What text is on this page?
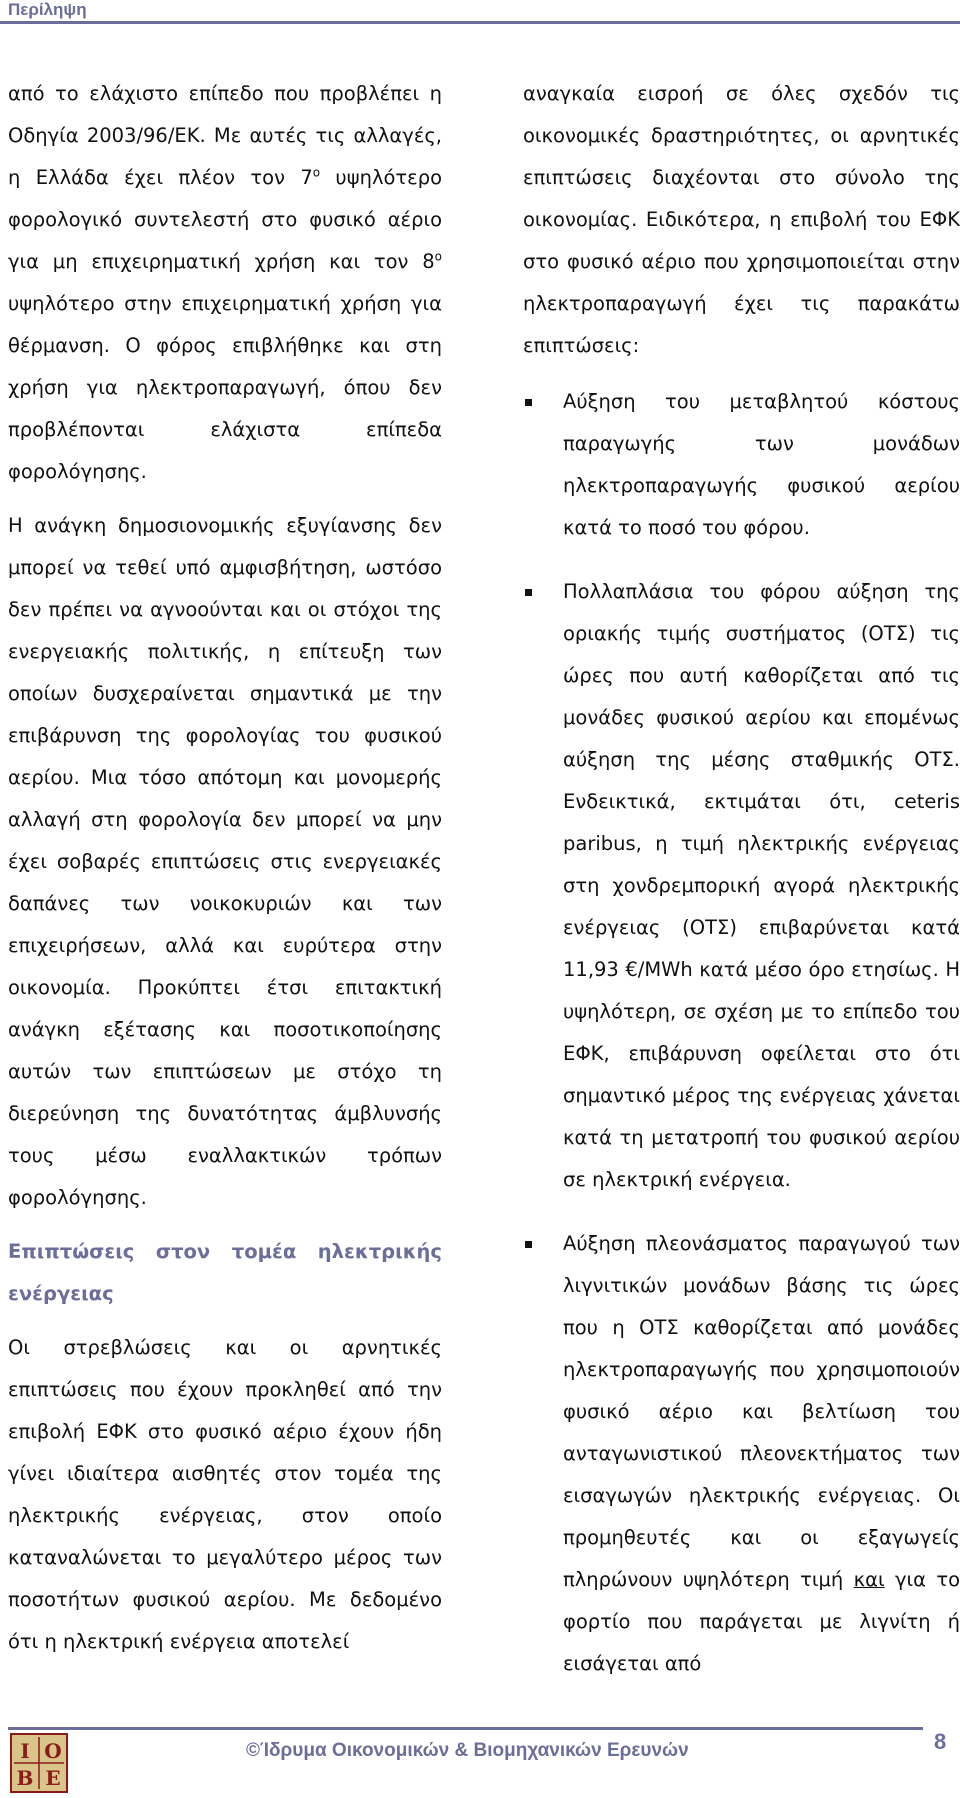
Περίληψη

από το ελάχιστο επίπεδο που προβλέπει η Οδηγία 2003/96/ΕΚ. Με αυτές τις αλλαγές, η Ελλάδα έχει πλέον τον $7^o$ υψηλότερο φορολογικό συντελεστή στο φυσικό αέριο για μη επιχειρηματική χρήση και τον $8^o$ υψηλότερο στην επιχειρηματική χρήση για θέρμανση. Ο φόρος επιβλήθηκε και στη χρήση για ηλεκτροπαραγωγή, όπου δεν προβλέπονται ελάχιστα επίπεδα φορολόγησης.

Η ανάγκη δημοσιονομικής εξυγίανσης δεν μπορεί να τεθεί υπό αμφισβήτηση, ωστόσο δεν πρέπει να αγνοούνται και οι στόχοι της ενεργειακής πολιτικής, η επίτευξη των οποίων δυσχεραίνεται σημαντικά με την επιβάρυνση της φορολογίας του φυσικού αερίου. Μια τόσο απότομη και μονομερής αλλαγή στη φορολογία δεν μπορεί να μην έχει σοβαρές επιπτώσεις στις ενεργειακές δαπάνες των νοικοκυριών και των επιχειρήσεων, αλλά και ευρύτερα στην οικονομία. Προκύπτει έτσι επιτακτική ανάγκη εξέτασης και ποσοτικοποίησης αυτών των επιπτώσεων με στόχο τη διερεύνηση της δυνατότητας άμβλυνσής τους μέσω εναλλακτικών τρόπων φορολόγησης.

Επιπτώσεις στον τομέα ηλεκτρικής ενέργειας

Οι στρεβλώσεις και οι αρνητικές επιπτώσεις που έχουν προκληθεί από την επιβολή ΕΦΚ στο φυσικό αέριο έχουν ήδη γίνει ιδιαίτερα αισθητές στον τομέα της ηλεκτρικής ενέργειας, στον οποίο καταναλώνεται το μεγαλύτερο μέρος των ποσοτήτων φυσικού αερίου. Με δεδομένο ότι η ηλεκτρική ενέργεια αποτελεί

αναγκαία εισροή σε όλες σχεδόν τις οικονομικές δραστηριότητες, οι αρνητικές επιπτώσεις διαχέονται στο σύνολο της οικονομίας. Ειδικότερα, η επιβολή του ΕΦΚ στο φυσικό αέριο που χρησιμοποιείται στην ηλεκτροπαραγωγή έχει τις παρακάτω επιπτώσεις:

Αύξηση του μεταβλητού κόστους παραγωγής των μονάδων ηλεκτροπαραγωγής φυσικού αερίου κατά το ποσό του φόρου.
Πολλαπλάσια του φόρου αύξηση της οριακής τιμής συστήματος (ΟΤΣ) τις ώρες που αυτή καθορίζεται από τις μονάδες φυσικού αερίου και επομένως αύξηση της μέσης σταθμικής ΟΤΣ. Ενδεικτικά, εκτιμάται ότι, ceteris paribus, η τιμή ηλεκτρικής ενέργειας στη χονδρεμπορική αγορά ηλεκτρικής ενέργειας (ΟΤΣ) επιβαρύνεται κατά 11,93 €/MWh κατά μέσο όρο ετησίως. Η υψηλότερη, σε σχέση με το επίπεδο του ΕΦΚ, επιβάρυνση οφείλεται στο ότι σημαντικό μέρος της ενέργειας χάνεται κατά τη μετατροπή του φυσικού αερίου σε ηλεκτρική ενέργεια.
Αύξηση πλεονάσματος παραγωγού των λιγνιτικών μονάδων βάσης τις ώρες που η ΟΤΣ καθορίζεται από μονάδες ηλεκτροπαραγωγής που χρησιμοποιούν φυσικό αέριο και βελτίωση του ανταγωνιστικού πλεονεκτήματος των εισαγωγών ηλεκτρικής ενέργειας. Οι προμηθευτές και οι εξαγωγείς πληρώνουν υψηλότερη τιμή και για το φορτίο που παράγεται με λιγνίτη ή εισάγεται από
Ι Ο
Β Ε
©Ίδρυμα Οικονομικών & Βιομηχανικών Ερευνών	8
